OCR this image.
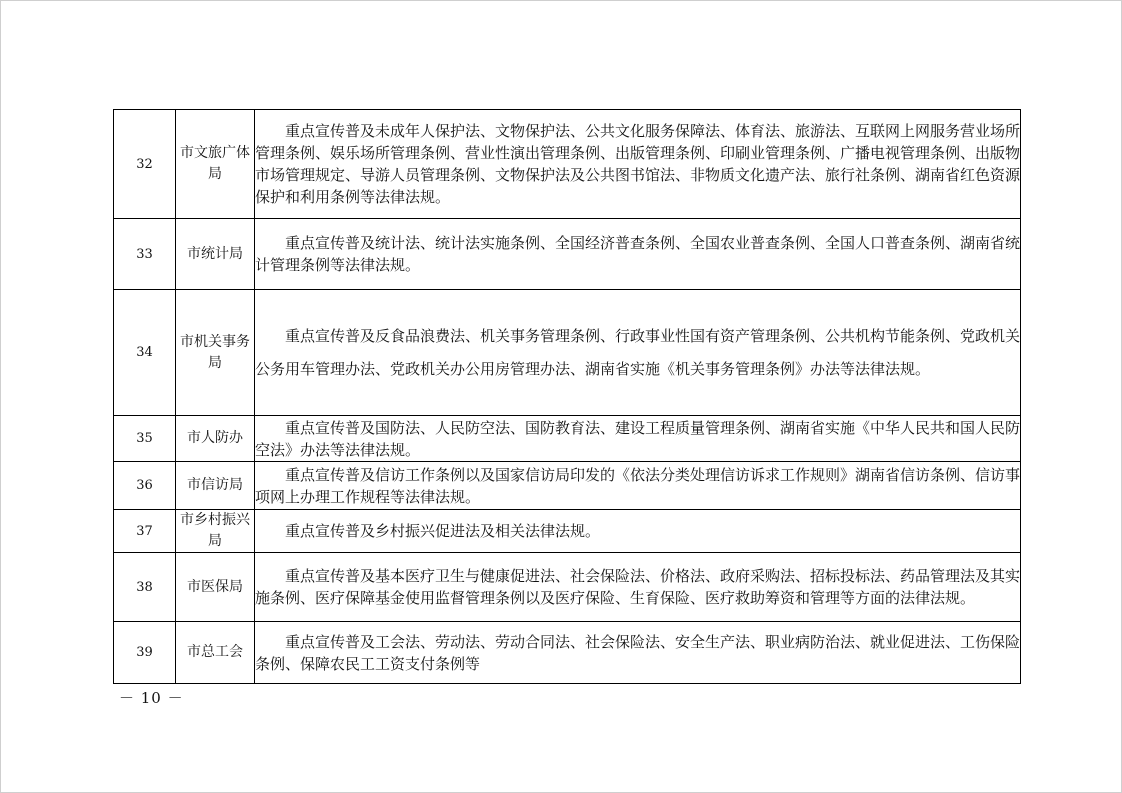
32	市文旅广体局	重点宣传普及未成年人保护法、文物保护法、公共文化服务保障法、体育法、旅游法、互联网上网服务营业场所管理条例、娱乐场所管理条例、营业性演出管理条例、出版管理条例、印刷业管理条例、广播电视管理条例、出版物市场管理规定、导游人员管理条例、文物保护法及公共图书馆法、非物质文化遗产法、旅行社条例、湖南省红色资源保护和利用条例等法律法规。

33	市统计局	重点宣传普及统计法、统计法实施条例、全国经济普查条例、全国农业普查条例、全国人口普查条例、湖南省统计管理条例等法律法规。

34	市机关事务局	重点宣传普及反食品浪费法、机关事务管理条例、行政事业性国有资产管理条例、公共机构节能条例、党政机关公务用车管理办法、党政机关办公用房管理办法、湖南省实施《机关事务管理条例》办法等法律法规。

35	市人防办	重点宣传普及国防法、人民防空法、国防教育法、建设工程质量管理条例、湖南省实施《中华人民共和国人民防空法》办法等法律法规。

36	市信访局	重点宣传普及信访工作条例以及国家信访局印发的《依法分类处理信访诉求工作规则》湖南省信访条例、信访事项网上办理工作规程等法律法规。

37	市乡村振兴局	重点宣传普及乡村振兴促进法及相关法律法规。

38	市医保局	重点宣传普及基本医疗卫生与健康促进法、社会保险法、价格法、政府采购法、招标投标法、药品管理法及其实施条例、医疗保障基金使用监督管理条例以及医疗保险、生育保险、医疗救助筹资和管理等方面的法律法规。

39	市总工会	重点宣传普及工会法、劳动法、劳动合同法、社会保险法、安全生产法、职业病防治法、就业促进法、工伤保险条例、保障农民工工资支付条例等
－ 10 －
